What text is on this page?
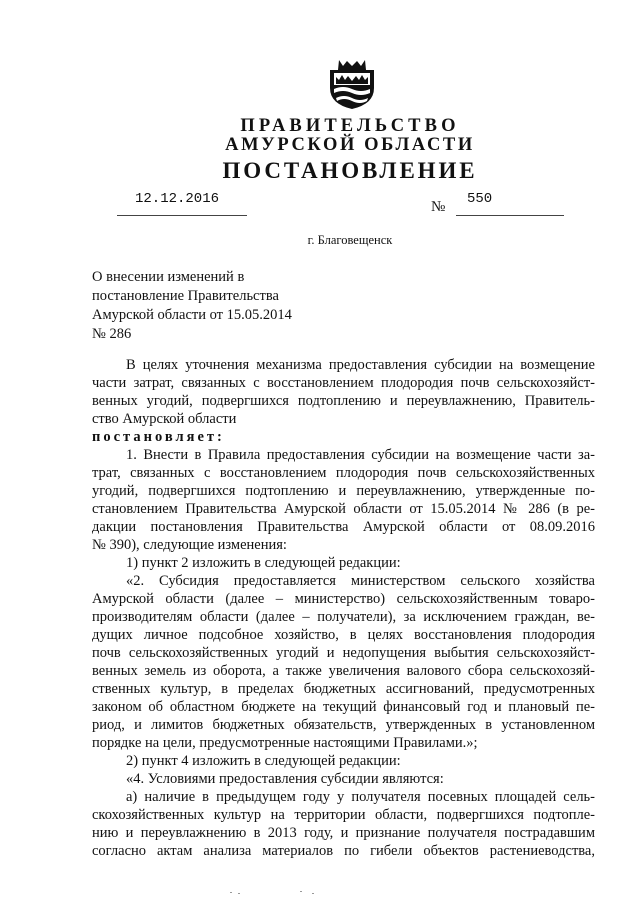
ПРАВИТЕЛЬСТВО
АМУРСКОЙ ОБЛАСТИ
ПОСТАНОВЛЕНИЕ
12.12.2016	№ 550
г. Благовещенск
О внесении изменений в
постановление Правительства
Амурской области от 15.05.2014
№ 286
В целях уточнения механизма предоставления субсидии на возмещение
части затрат, связанных с восстановлением плодородия почв сельскохозяйст-
венных угодий, подвергшихся подтоплению и переувлажнению, Правитель-
ство Амурской области
постановляет:
1. Внести в Правила предоставления субсидии на возмещение части за-
трат, связанных с восстановлением плодородия почв сельскохозяйственных
угодий, подвергшихся подтоплению и переувлажнению, утвержденные по-
становлением Правительства Амурской области от 15.05.2014 № 286 (в ре-
дакции постановления Правительства Амурской области от 08.09.2016
№ 390), следующие изменения:
1) пункт 2 изложить в следующей редакции:
«2. Субсидия предоставляется министерством сельского хозяйства
Амурской области (далее – министерство) сельскохозяйственным товаро-
производителям области (далее – получатели), за исключением граждан, ве-
дущих личное подсобное хозяйство, в целях восстановления плодородия
почв сельскохозяйственных угодий и недопущения выбытия сельскохозяйст-
венных земель из оборота, а также увеличения валового сбора сельскохозяй-
ственных культур, в пределах бюджетных ассигнований, предусмотренных
законом об областном бюджете на текущий финансовый год и плановый пе-
риод, и лимитов бюджетных обязательств, утвержденных в установленном
порядке на цели, предусмотренные настоящими Правилами.»;
2) пункт 4 изложить в следующей редакции:
«4. Условиями предоставления субсидии являются:
а) наличие в предыдущем году у получателя посевных площадей сель-
скохозяйственных культур на территории области, подвергшихся подтопле-
нию и переувлажнению в 2013 году, и признание получателя пострадавшим
согласно актам анализа материалов по гибели объектов растениеводства,
